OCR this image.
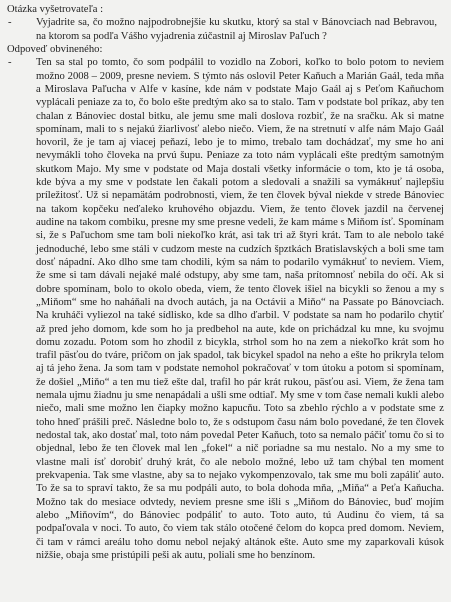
Otázka vyšetrovateľa :

-	Vyjadrite sa, čo možno najpodrobnejšie ku skutku, ktorý sa stal v Bánovciach nad Bebravou, na ktorom sa podľa Vášho vyjadrenia zúčastnil aj Miroslav Paľuch ?

Odpoveď obvineného:

-	Ten sa stal po tomto, čo som podpálil to vozidlo na Zobori, koľko to bolo potom to neviem možno 2008 – 2009, presne neviem. S týmto nás oslovil Peter Kaňuch a Marián Gaál, teda mňa a Miroslava Paľucha v Alfe v kasíne, kde nám v podstate Majo Gaál aj s Peťom Kaňuchom vyplácali peniaze za to, čo bolo ešte predtým ako sa to stalo. Tam v podstate bol príkaz, aby ten chalan z Bánoviec dostal bitku, ale jemu sme mali doslova rozbiť, že na sračku. Ak si matne spomínam, mali to s nejakú žiarlivosť alebo niečo. Viem, že na stretnutí v alfe nám Majo Gaál hovoril, že je tam aj viacej peňazí, lebo je to mimo, trebalo tam dochádzať, my sme ho ani nevymákli toho človeka na prvú šupu. Peniaze za toto nám vyplácali ešte predtým samotným skutkom Majo. My sme v podstate od Maja dostali všetky informácie o tom, kto je tá osoba, kde býva a my sme v podstate len čakali potom a sledovali a snažili sa vymákнuť najlepšiu príležitosť. Už si nepamätám podrobnosti, viem, že ten človek býval niekde v strede Bánoviec na takom kopčeku neďaleko kruhového objazdu. Viem, že tento človek jazdil na červenej audine na takom combiku, presne my sme presne vedeli, že kam máme s Miňom ísť. Spomínam si, že s Paľuchom sme tam boli niekoľko krát, asi tak tri až štyri krát. Tam to ale nebolo také jednoduché, lebo sme stáli v cudzom meste na cudzích špztkách Bratislavských a boli sme tam dosť nápadní. Ako dlho sme tam chodili, kým sa nám to podarilo vymákнuť to neviem. Viem, že sme si tam dávali nejaké malé odstupy, aby sme tam, naša prítomnosť nebila do očí. Ak si dobre spomínam, bolo to okolo obeda, viem, že tento človek išiel na bicykli so ženou a my s „Miňom“ sme ho naháňali na dvoch autách, ja na Octávii a Miňo“ na Passate po Bánovciach. Na kruháči vyliezol na také sídlisko, kde sa dlho ďarbil. V podstate sa nam ho podarilo chytiť až pred jeho domom, kde som ho ja predbehol na aute, kde on prichádzal ku mne, ku svojmu domu zozadu. Potom som ho zhodil z bicykla, strhol som ho na zem a niekoľko krát som ho trafil päsťou do tváre, pričom on jak spadol, tak bicykel spadol na neho a ešte ho prikryla telom aj tá jeho žena. Ja som tam v podstate nemohol pokračovať v tom útoku a potom si spomínam, že došiel „Miňo“ a ten mu tiež ešte dal, trafil ho pár krát rukou, päsťou asi. Viem, že žena tam nemala ujmu žiadnu ju sme nenapádali a ušli sme odtiaľ. My sme v tom čase nemali kukli alebo niečo, mali sme možno len čiapky možno kapucňu. Toto sa zbehlo rýchlo a v podstate sme z toho hneď prášili preč. Následne bolo to, že s odstupom času nám bolo povedané, že ten človek nedostal tak, ako dostať mal, toto nám povedal Peter Kaňuch, toto sa nemalo páčiť tomu čo si to objednal, lebo že ten človek mal len „fokel“ a nič poriadne sa mu nestalo. No a my sme to vlastne mali ísť dorobiť druhý krát, čo ale nebolo možné, lebo už tam chýbal ten moment prekvapenia. Tak sme vlastne, aby sa to nejako vykompenzovalo, tak sme mu boli zapáliť auto. To že sa to spraví takto, že sa mu podpáli auto, to bola dohoda mňa, „Miňa“ a Peťa Kaňucha. Možno tak do mesiace odvtedy, neviem presne sme išli s „Miňom do Bánoviec, buď mojím alebo „Miňovím“, do Bánoviec podpáliť to auto. Toto auto, tú Audinu čo viem, tá sa podpaľovala v noci. To auto, čo viem tak stálo otočené čelom do kopca pred domom. Neviem, či tam v rámci areálu toho domu nebol nejaký altánok ešte. Auto sme my zaparkovali kúsok nižšie, obaja sme pristúpili peši ak autu, poliali sme ho benzínom.
